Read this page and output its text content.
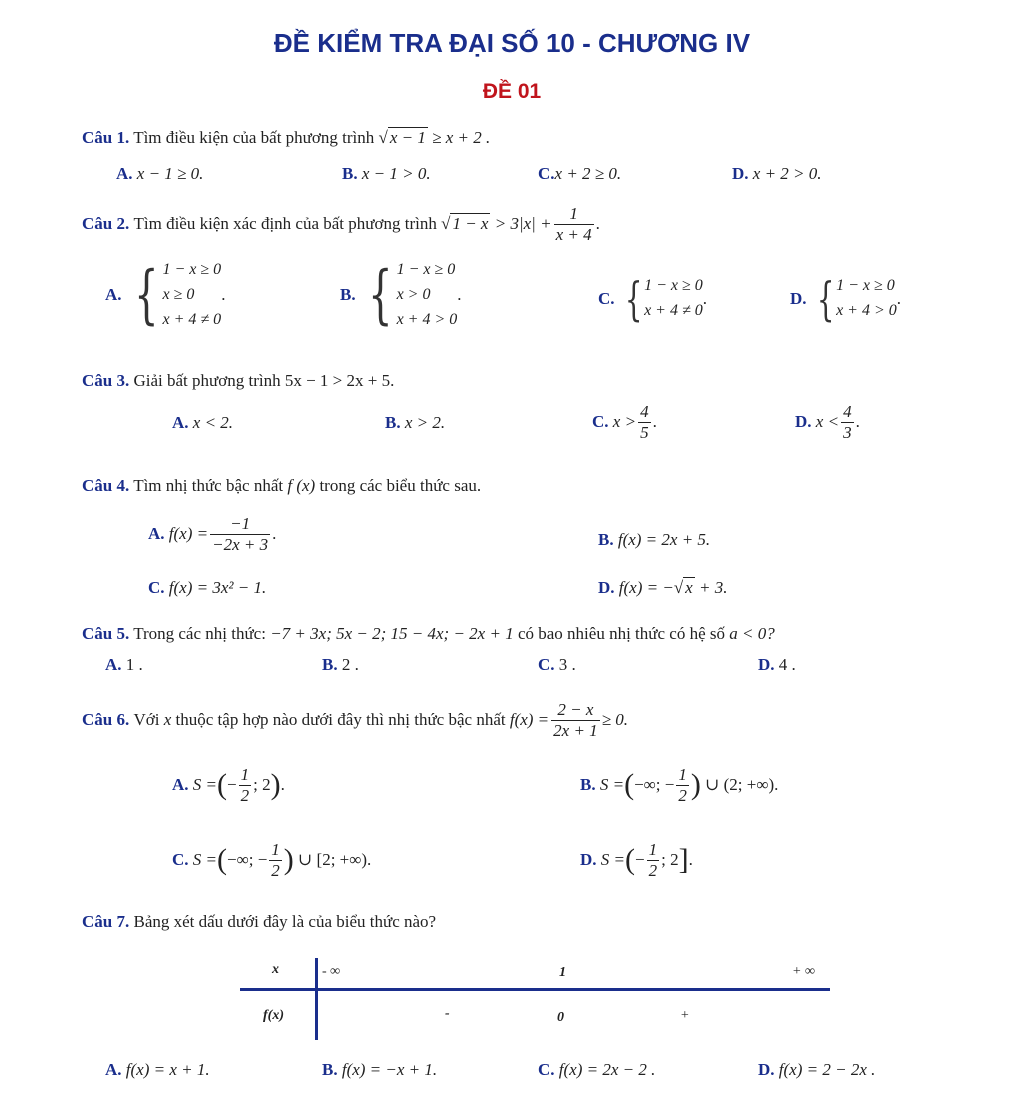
ĐỀ KIỂM TRA ĐẠI SỐ 10 - CHƯƠNG IV
ĐỀ 01
Câu 1. Tìm điều kiện của bất phương trình √ x − 1 ≥ x + 2 .
A. x − 1 ≥ 0.	B. x − 1 > 0.	C.x + 2 ≥ 0.	D. x + 2 > 0.
Câu 2.
Tìm điều kiện xác định của bất phương trình
√ 1 − x
> $3|x| + \frac{1}{x + 4}$ .
A.
{ 1 − x ≥ 0
x ≥ 0
x + 4 ≠ 0
.	B.
{ 1 − x ≥ 0
x > 0
x + 4 > 0
.	C.
{ 1 − x ≥ 0
x + 4 ≠ 0
.	D.
{ 1 − x ≥ 0
x + 4 > 0
.
Câu 3. Giải bất phương trình 5x − 1 > 2x + 5.
A. x < 2.	B. x > 2.	C.
$x > \frac{4}{5}$ .	D.
$x < \frac{4}{3}$ .
Câu 4. Tìm nhị thức bậc nhất f (x) trong các biểu thức sau.
A.
$f(x) = \frac{-1}{-2x + 3}$ .	B. f(x) = 2x + 5.
C. f(x) = 3x² − 1.	D. f(x) = −√ x + 3.
Câu 5. Trong các nhị thức: −7 + 3x; 5x − 2; 15 − 4x; − 2x + 1 có bao nhiêu nhị thức có hệ số a < 0?
A. 1 .	B. 2 .	C. 3 .	D. 4 .
Câu 6.
Với
x
thuộc tập hợp nào dưới đây thì nhị thức bậc nhất
$f(x) = \frac{2 - x}{2x + 1} \ge 0$.
A.
S = ( − $\frac{1}{2}$ ; 2 ) .	B.
S = ( −∞; − $\frac{1}{2}$ )
∪ (2; +∞).
C.
S = ( −∞; − $\frac{1}{2}$ )
∪ [2; +∞).	D.
S = ( − $\frac{1}{2}$ ; 2 ] .
Câu 7. Bảng xét dấu dưới đây là của biểu thức nào?
x	- ∞	1	+ ∞
f(x)	-	0	+
A. f(x) = x + 1.	B. f(x) = −x + 1.	C. f(x) = 2x − 2 .	D. f(x) = 2 − 2x .
